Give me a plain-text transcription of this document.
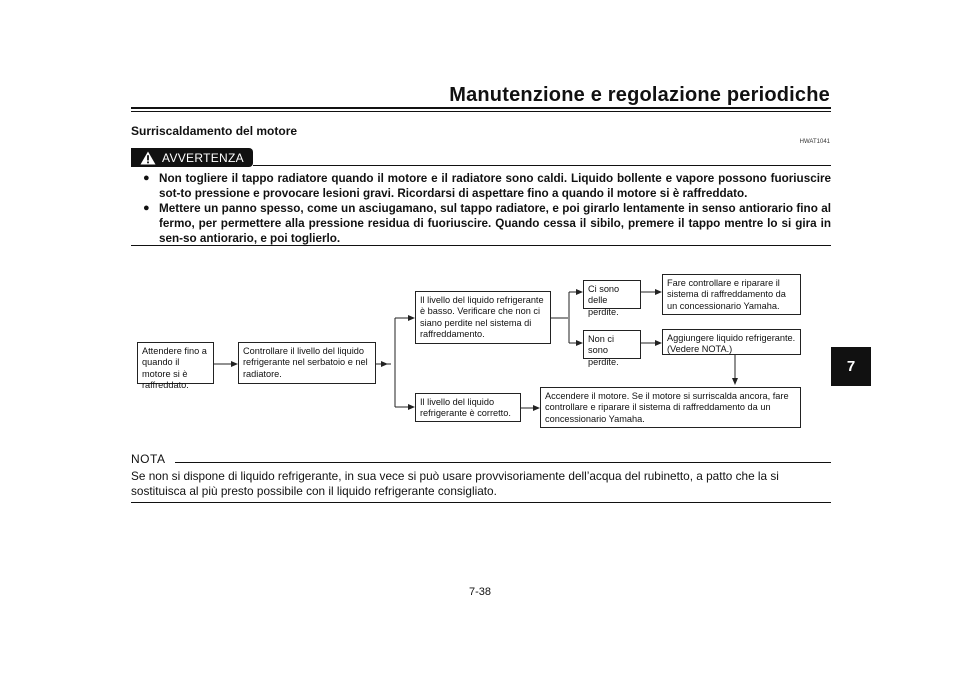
Manutenzione e regolazione periodiche
7
Surriscaldamento del motore
HWAT1041
AVVERTENZA
● Non togliere il tappo radiatore quando il motore e il radiatore sono caldi. Liquido bollente e vapore possono fuoriuscire sot-to pressione e provocare lesioni gravi. Ricordarsi di aspettare fino a quando il motore si è raffreddato.
● Mettere un panno spesso, come un asciugamano, sul tappo radiatore, e poi girarlo lentamente in senso antiorario fino al fermo, per permettere alla pressione residua di fuoriuscire. Quando cessa il sibilo, premere il tappo mentre lo si gira in sen-so antiorario, e poi toglierlo.
Attendere fino a quando il motore si è raffreddato.
Controllare il livello del liquido refrigerante nel serbatoio e nel radiatore.
Il livello del liquido refrigerante è basso. Verificare che non ci siano perdite nel sistema di raffreddamento.
Ci sono delle perdite.
Non ci sono perdite.
Fare controllare e riparare il sistema di raffreddamento da un concessionario Yamaha.
Aggiungere liquido refrigerante. (Vedere NOTA.)
Il livello del liquido refrigerante è corretto.
Accendere il motore. Se il motore si surriscalda ancora, fare controllare e riparare il sistema di raffreddamento da un concessionario Yamaha.
NOTA
Se non si dispone di liquido refrigerante, in sua vece si può usare provvisoriamente dell’acqua del rubinetto, a patto che la si sostituisca al più presto possibile con il liquido refrigerante consigliato.
7-38
